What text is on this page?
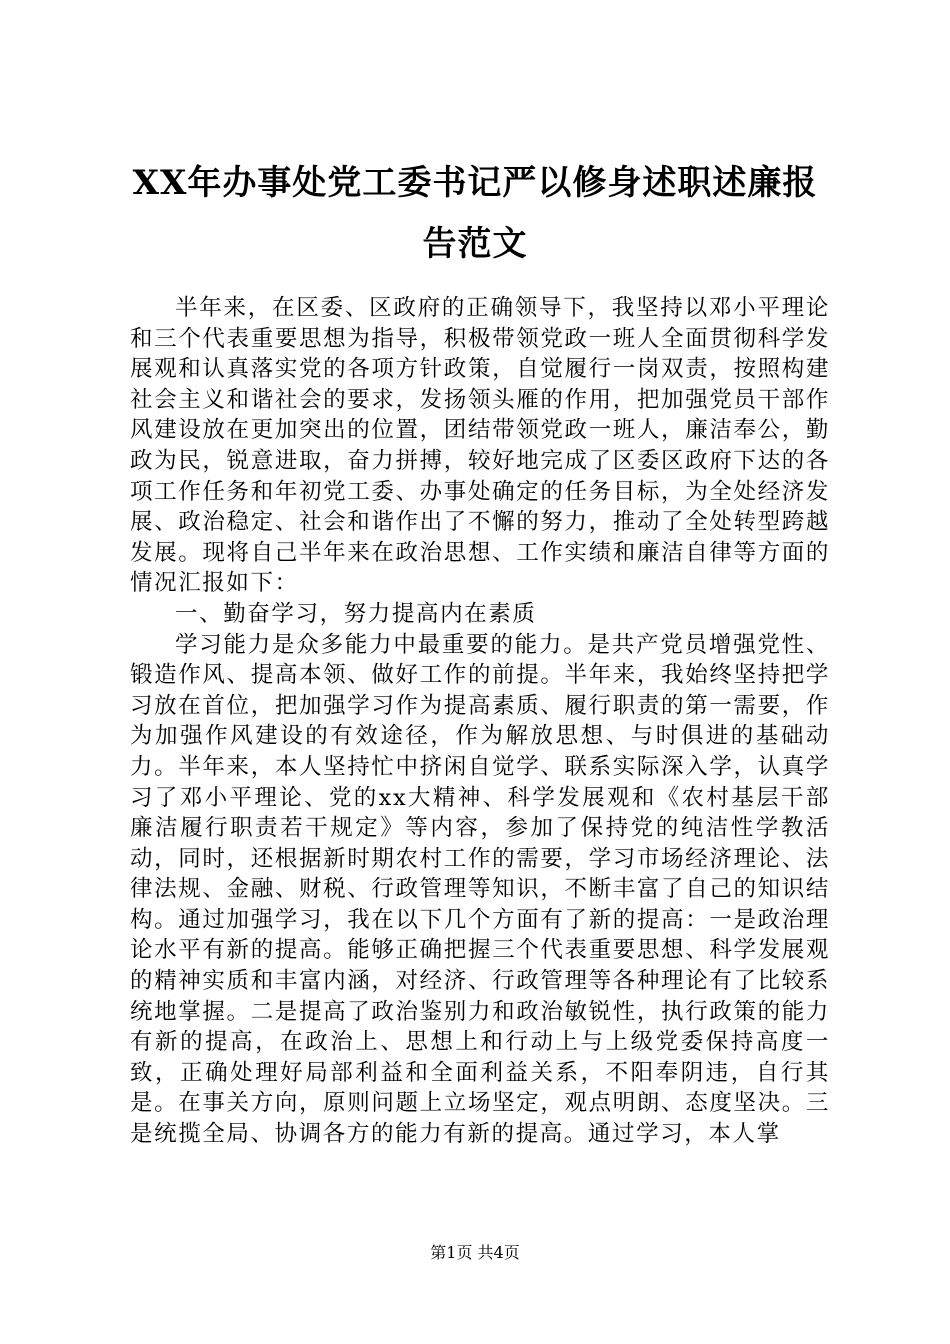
XX年办事处党工委书记严以修身述职述廉报
告范文

半年来，在区委、区政府的正确领导下，我坚持以邓小平理论和三个代表重要思想为指导，积极带领党政一班人全面贯彻科学发展观和认真落实党的各项方针政策，自觉履行一岗双责，按照构建社会主义和谐社会的要求，发扬领头雁的作用，把加强党员干部作风建设放在更加突出的位置，团结带领党政一班人，廉洁奉公，勤政为民，锐意进取，奋力拼搏，较好地完成了区委区政府下达的各项工作任务和年初党工委、办事处确定的任务目标，为全处经济发展、政治稳定、社会和谐作出了不懈的努力，推动了全处转型跨越发展。现将自己半年来在政治思想、工作实绩和廉洁自律等方面的情况汇报如下：

一、勤奋学习，努力提高内在素质

学习能力是众多能力中最重要的能力。是共产党员增强党性、锻造作风、提高本领、做好工作的前提。半年来，我始终坚持把学习放在首位，把加强学习作为提高素质、履行职责的第一需要，作为加强作风建设的有效途径，作为解放思想、与时俱进的基础动力。半年来，本人坚持忙中挤闲自觉学、联系实际深入学，认真学习了邓小平理论、党的xx大精神、科学发展观和《农村基层干部廉洁履行职责若干规定》等内容，参加了保持党的纯洁性学教活动，同时，还根据新时期农村工作的需要，学习市场经济理论、法律法规、金融、财税、行政管理等知识，不断丰富了自己的知识结构。通过加强学习，我在以下几个方面有了新的提高：一是政治理论水平有新的提高。能够正确把握三个代表重要思想、科学发展观的精神实质和丰富内涵，对经济、行政管理等各种理论有了比较系统地掌握。二是提高了政治鉴别力和政治敏锐性，执行政策的能力有新的提高，在政治上、思想上和行动上与上级党委保持高度一致，正确处理好局部利益和全面利益关系，不阳奉阴违，自行其是。在事关方向，原则问题上立场坚定，观点明朗、态度坚决。三是统揽全局、协调各方的能力有新的提高。通过学习，本人掌

第1页 共4页
